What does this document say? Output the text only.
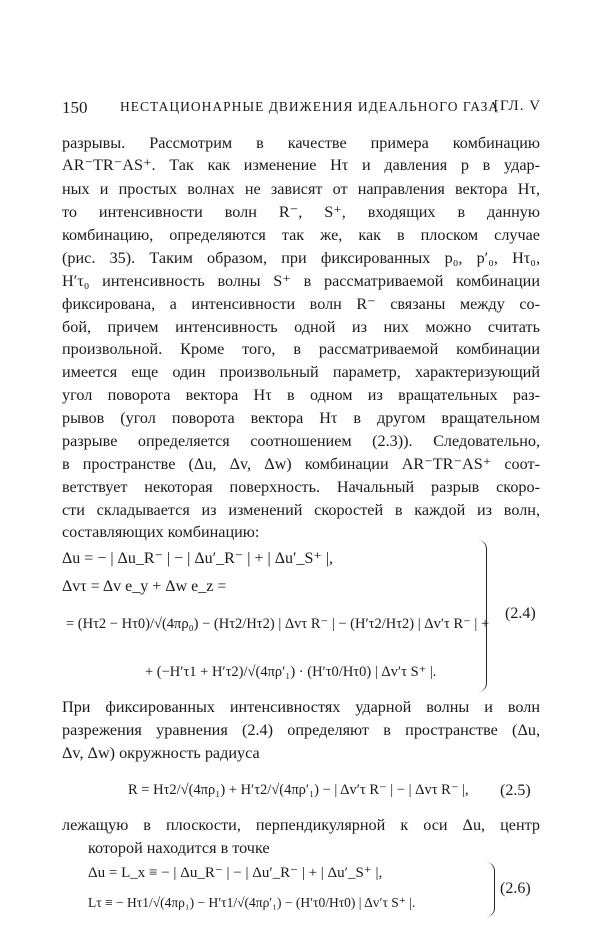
150 НЕСТАЦИОНАРНЫЕ ДВИЖЕНИЯ ИДЕАЛЬНОГО ГАЗА
[ГЛ. V
разрывы. Рассмотрим в качестве примера комбинацию
AR⁻TR⁻AS⁺. Так как изменение Hτ и давления p в удар-
ных и простых волнах не зависят от направления вектора Hτ,
то интенсивности волн R⁻, S⁺, входящих в данную
комбинацию, определяются так же, как в плоском случае
(рис. 35). Таким образом, при фиксированных p₀, p′₀, Hτ₀,
H′τ₀ интенсивность волны S⁺ в рассматриваемой комбинации
фиксирована, а интенсивности волн R⁻ связаны между со-
бой, причем интенсивность одной из них можно считать
произвольной. Кроме того, в рассматриваемой комбинации
имеется еще один произвольный параметр, характеризующий
угол поворота вектора Hτ в одном из вращательных раз-
рывов (угол поворота вектора Hτ в другом вращательном
разрыве определяется соотношением (2.3)). Следовательно,
в пространстве (Δu, Δv, Δw) комбинации AR⁻TR⁻AS⁺ соот-
ветствует некоторая поверхность. Начальный разрыв скоро-
сти складывается из изменений скоростей в каждой из волн,
составляющих комбинацию:
Δu = − | Δu_R⁻ | − | Δu′_R⁻ | + | Δu′_S⁺ |,
Δvτ = Δv e_y + Δw e_z =
= (Hτ2 − Hτ0)/√(4πρ₀) − (Hτ2/Hτ2) | Δvτ R⁻ | − (H′τ2/Hτ2) | Δv′τ R⁻ | +
+ (−H′τ1 + H′τ2)/√(4πρ′₁) · (H′τ0/Hτ0) | Δv′τ S⁺ |.
(2.4)
При фиксированных интенсивностях ударной волны и волн
разрежения уравнения (2.4) определяют в пространстве (Δu,
Δv, Δw) окружность радиуса
R = Hτ2/√(4πρ₁) + H′τ2/√(4πρ′₁) − | Δv′τ R⁻ | − | Δvτ R⁻ |, (2.5)
лежащую в плоскости, перпендикулярной к оси Δu, центр
которой находится в точке
Δu = L_x ≡ − | Δu_R⁻ | − | Δu′_R⁻ | + | Δu′_S⁺ |,
Lτ ≡ − Hτ1/√(4πρ₁) − H′τ1/√(4πρ′₁) − (H′τ0/Hτ0) | Δv′τ S⁺ |.
(2.6)
